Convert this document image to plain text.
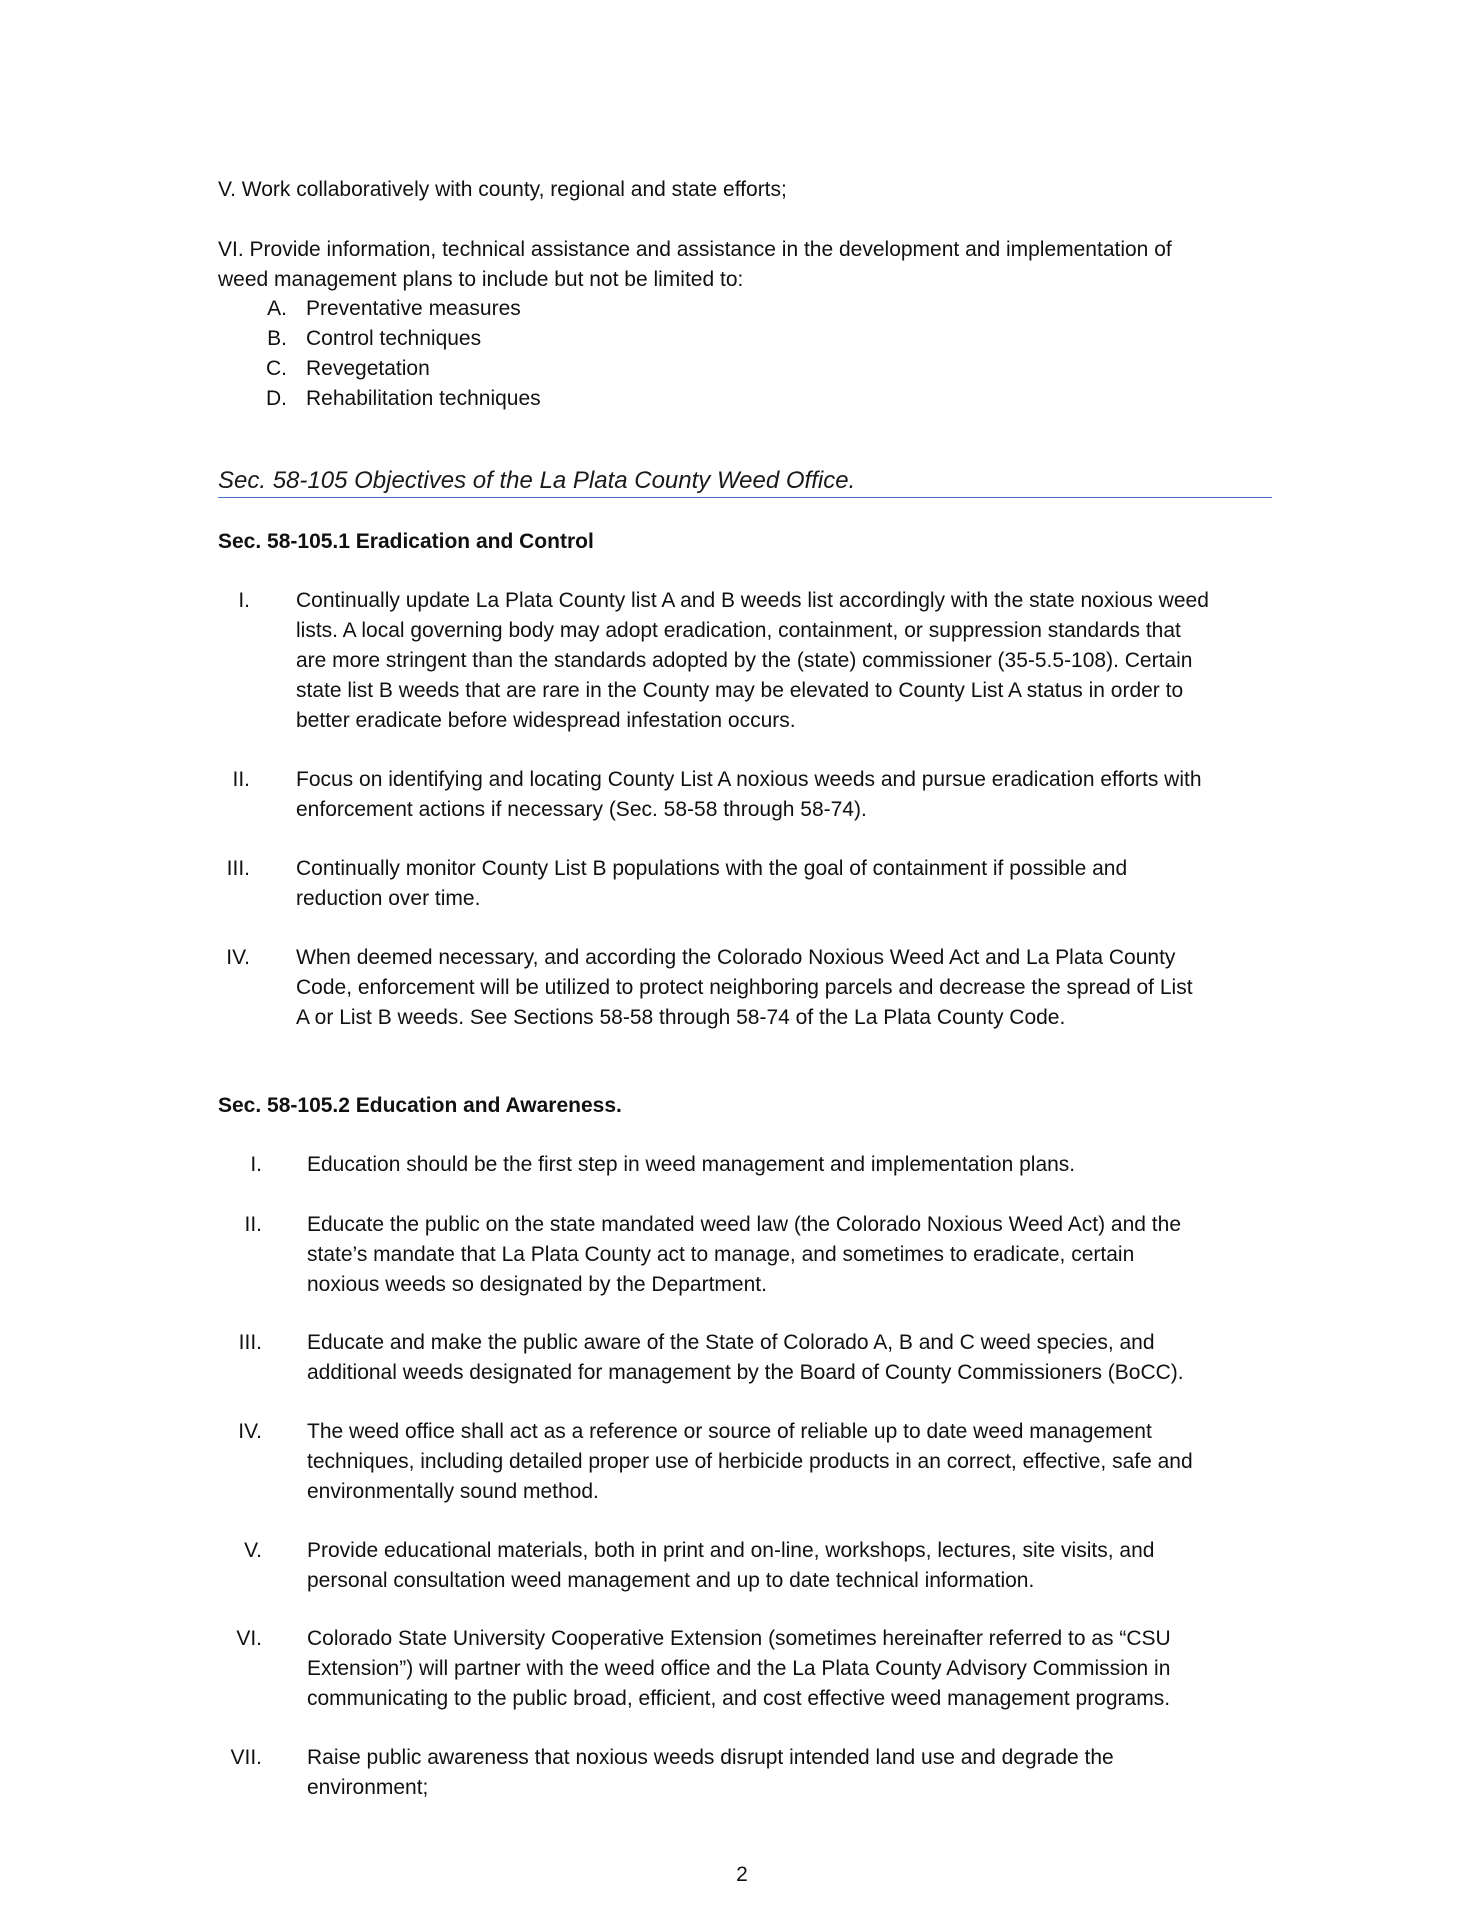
V. Work collaboratively with county, regional and state efforts;
VI. Provide information, technical assistance and assistance in the development and implementation of
weed management plans to include but not be limited to:
A. Preventative measures
B. Control techniques
C. Revegetation
D. Rehabilitation techniques
Sec. 58-105 Objectives of the La Plata County Weed Office.
Sec. 58-105.1 Eradication and Control
I. Continually update La Plata County list A and B weeds list accordingly with the state noxious weed
lists. A local governing body may adopt eradication, containment, or suppression standards that
are more stringent than the standards adopted by the (state) commissioner (35-5.5-108). Certain
state list B weeds that are rare in the County may be elevated to County List A status in order to
better eradicate before widespread infestation occurs.
II. Focus on identifying and locating County List A noxious weeds and pursue eradication efforts with
enforcement actions if necessary (Sec. 58-58 through 58-74).
III. Continually monitor County List B populations with the goal of containment if possible and
reduction over time.
IV. When deemed necessary, and according the Colorado Noxious Weed Act and La Plata County
Code, enforcement will be utilized to protect neighboring parcels and decrease the spread of List
A or List B weeds. See Sections 58-58 through 58-74 of the La Plata County Code.
Sec. 58-105.2 Education and Awareness.
I. Education should be the first step in weed management and implementation plans.
II. Educate the public on the state mandated weed law (the Colorado Noxious Weed Act) and the
state’s mandate that La Plata County act to manage, and sometimes to eradicate, certain
noxious weeds so designated by the Department.
III. Educate and make the public aware of the State of Colorado A, B and C weed species, and
additional weeds designated for management by the Board of County Commissioners (BoCC).
IV. The weed office shall act as a reference or source of reliable up to date weed management
techniques, including detailed proper use of herbicide products in an correct, effective, safe and
environmentally sound method.
V. Provide educational materials, both in print and on-line, workshops, lectures, site visits, and
personal consultation weed management and up to date technical information.
VI. Colorado State University Cooperative Extension (sometimes hereinafter referred to as “CSU
Extension”) will partner with the weed office and the La Plata County Advisory Commission in
communicating to the public broad, efficient, and cost effective weed management programs.
VII. Raise public awareness that noxious weeds disrupt intended land use and degrade the
environment;
2
